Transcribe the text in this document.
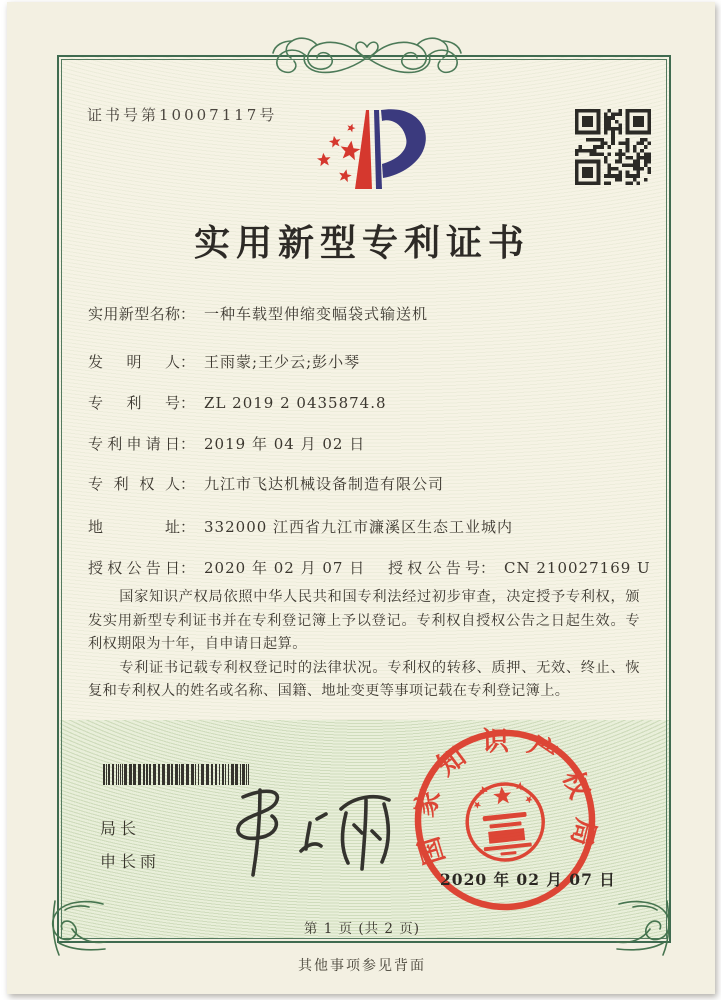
证书号第10007117号
实用新型专利证书
实用新型名称： 一种车载型伸缩变幅袋式输送机
发明人： 王雨蒙;王少云;彭小琴
专利号： ZL 2019 2 0435874.8
专利申请日： 2019 年 04 月 02 日
专利权人： 九江市飞达机械设备制造有限公司
地址： 332000 江西省九江市濂溪区生态工业城内
授权公告日： 2020 年 02 月 07 日 授权公告号： CN 210027169 U

国家知识产权局依照中华人民共和国专利法经过初步审查，决定授予专利权，颁发实用新型专利证书并在专利登记簿上予以登记。专利权自授权公告之日起生效。专利权期限为十年，自申请日起算。

专利证书记载专利权登记时的法律状况。专利权的转移、质押、无效、终止、恢复和专利权人的姓名或名称、国籍、地址变更等事项记载在专利登记簿上。

局长
申长雨	国家知识产权局
2020 年 02 月 07 日
第 1 页 (共 2 页)
其他事项参见背面
